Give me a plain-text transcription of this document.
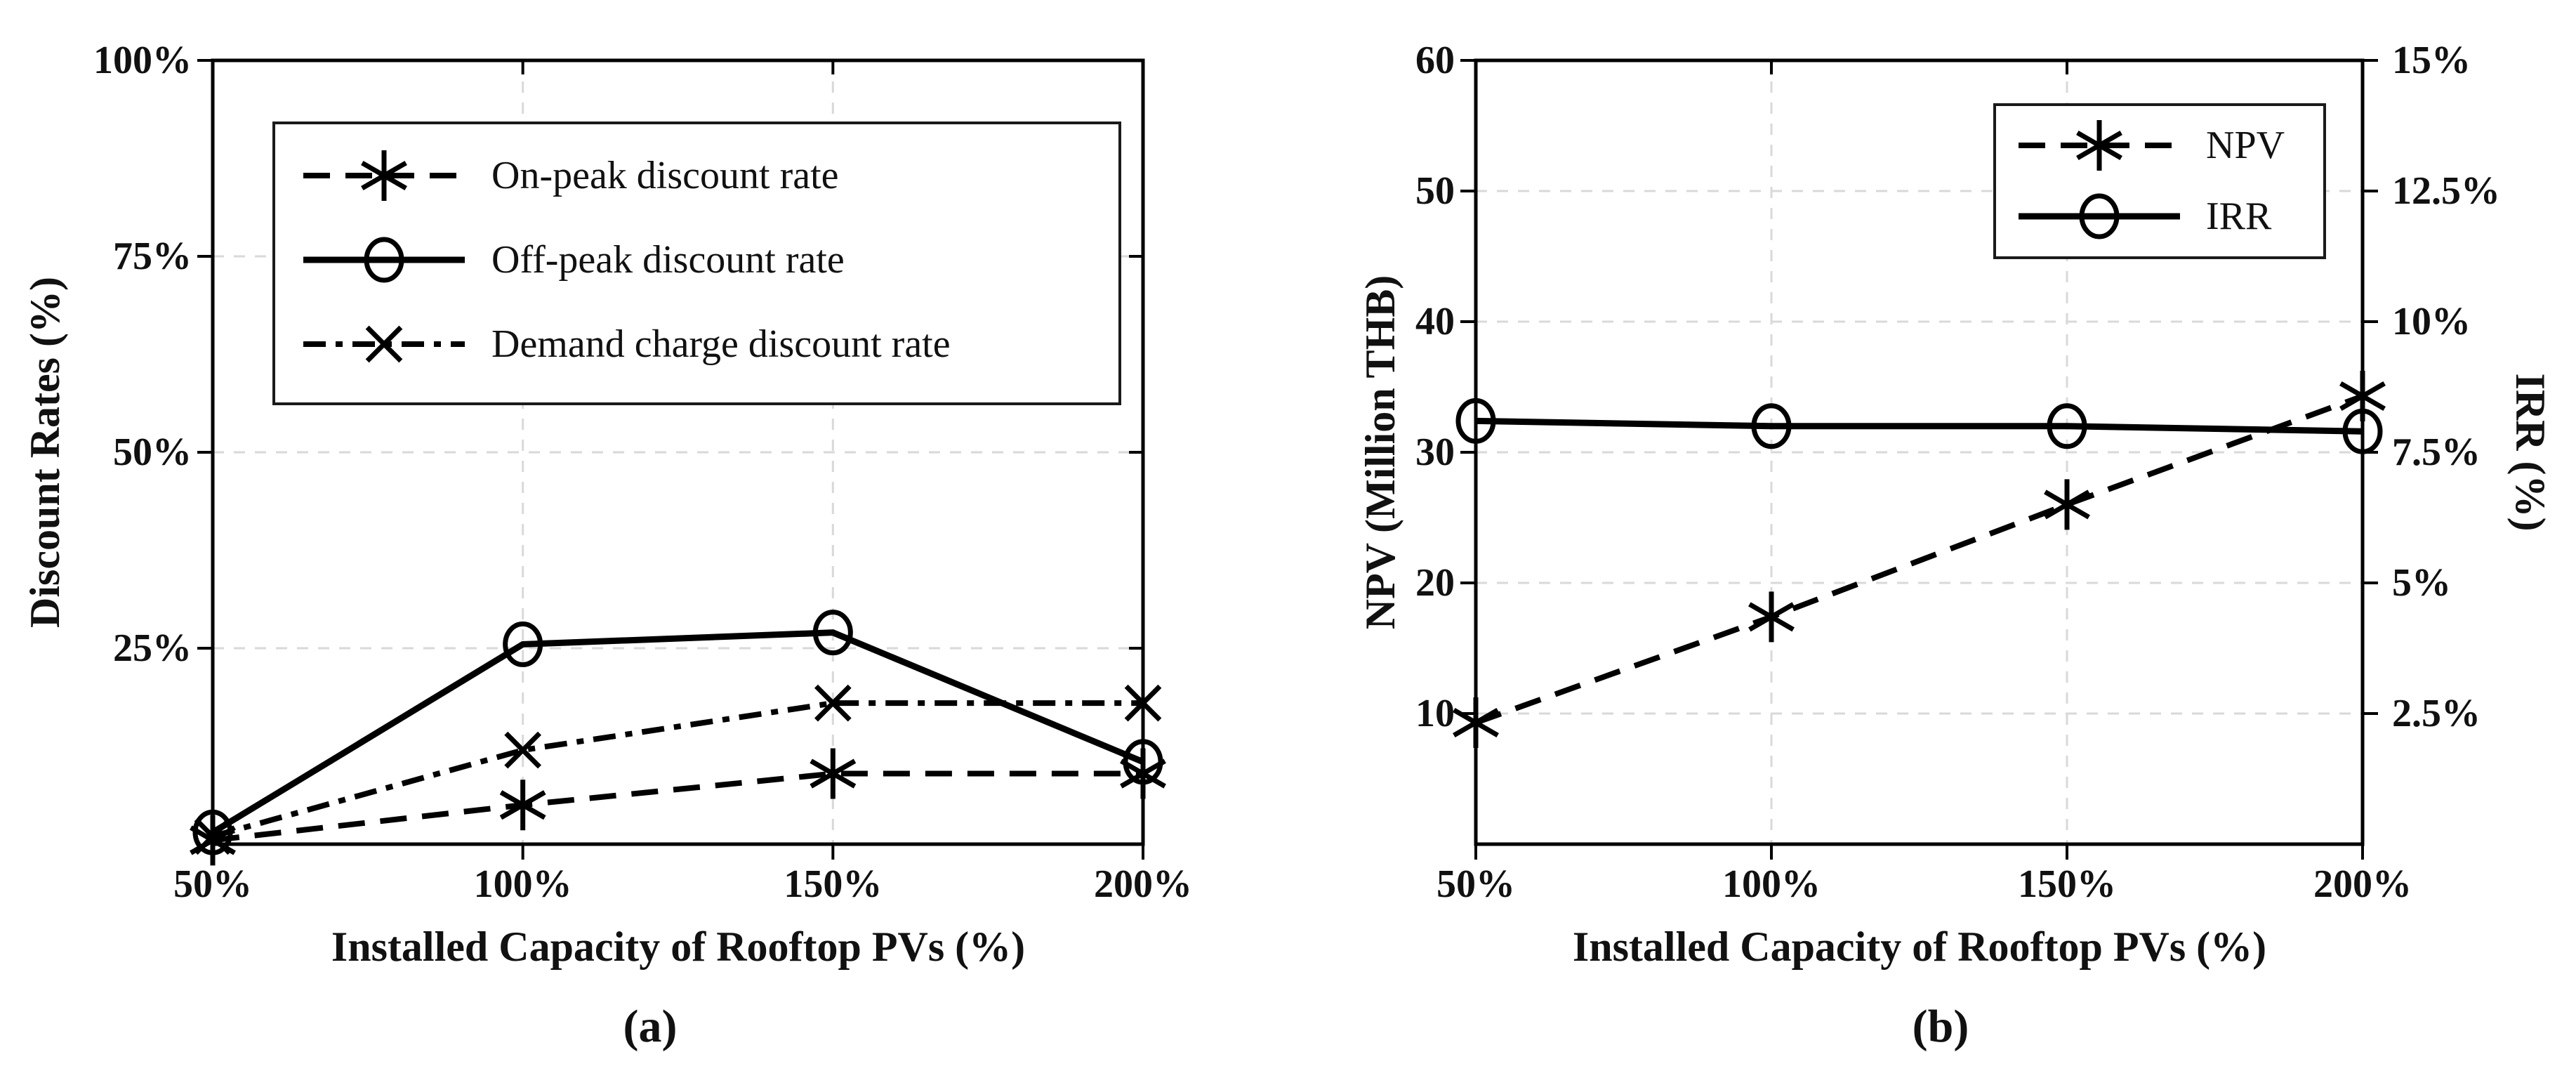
25%
50%
75%
100%
50%	100%	150%	200%
Discount Rates (%)
Installed Capacity of Rooftop PVs (%)
On-peak discount rate
Off-peak discount rate
Demand charge discount rate
10
20
30
40
50
60
2.5%
5%
7.5%
10%
12.5%
15%
50%	100%	150%	200%
NPV (Million THB)	IRR (%)
Installed Capacity of Rooftop PVs (%)
NPV
IRR
(a)	(b)
